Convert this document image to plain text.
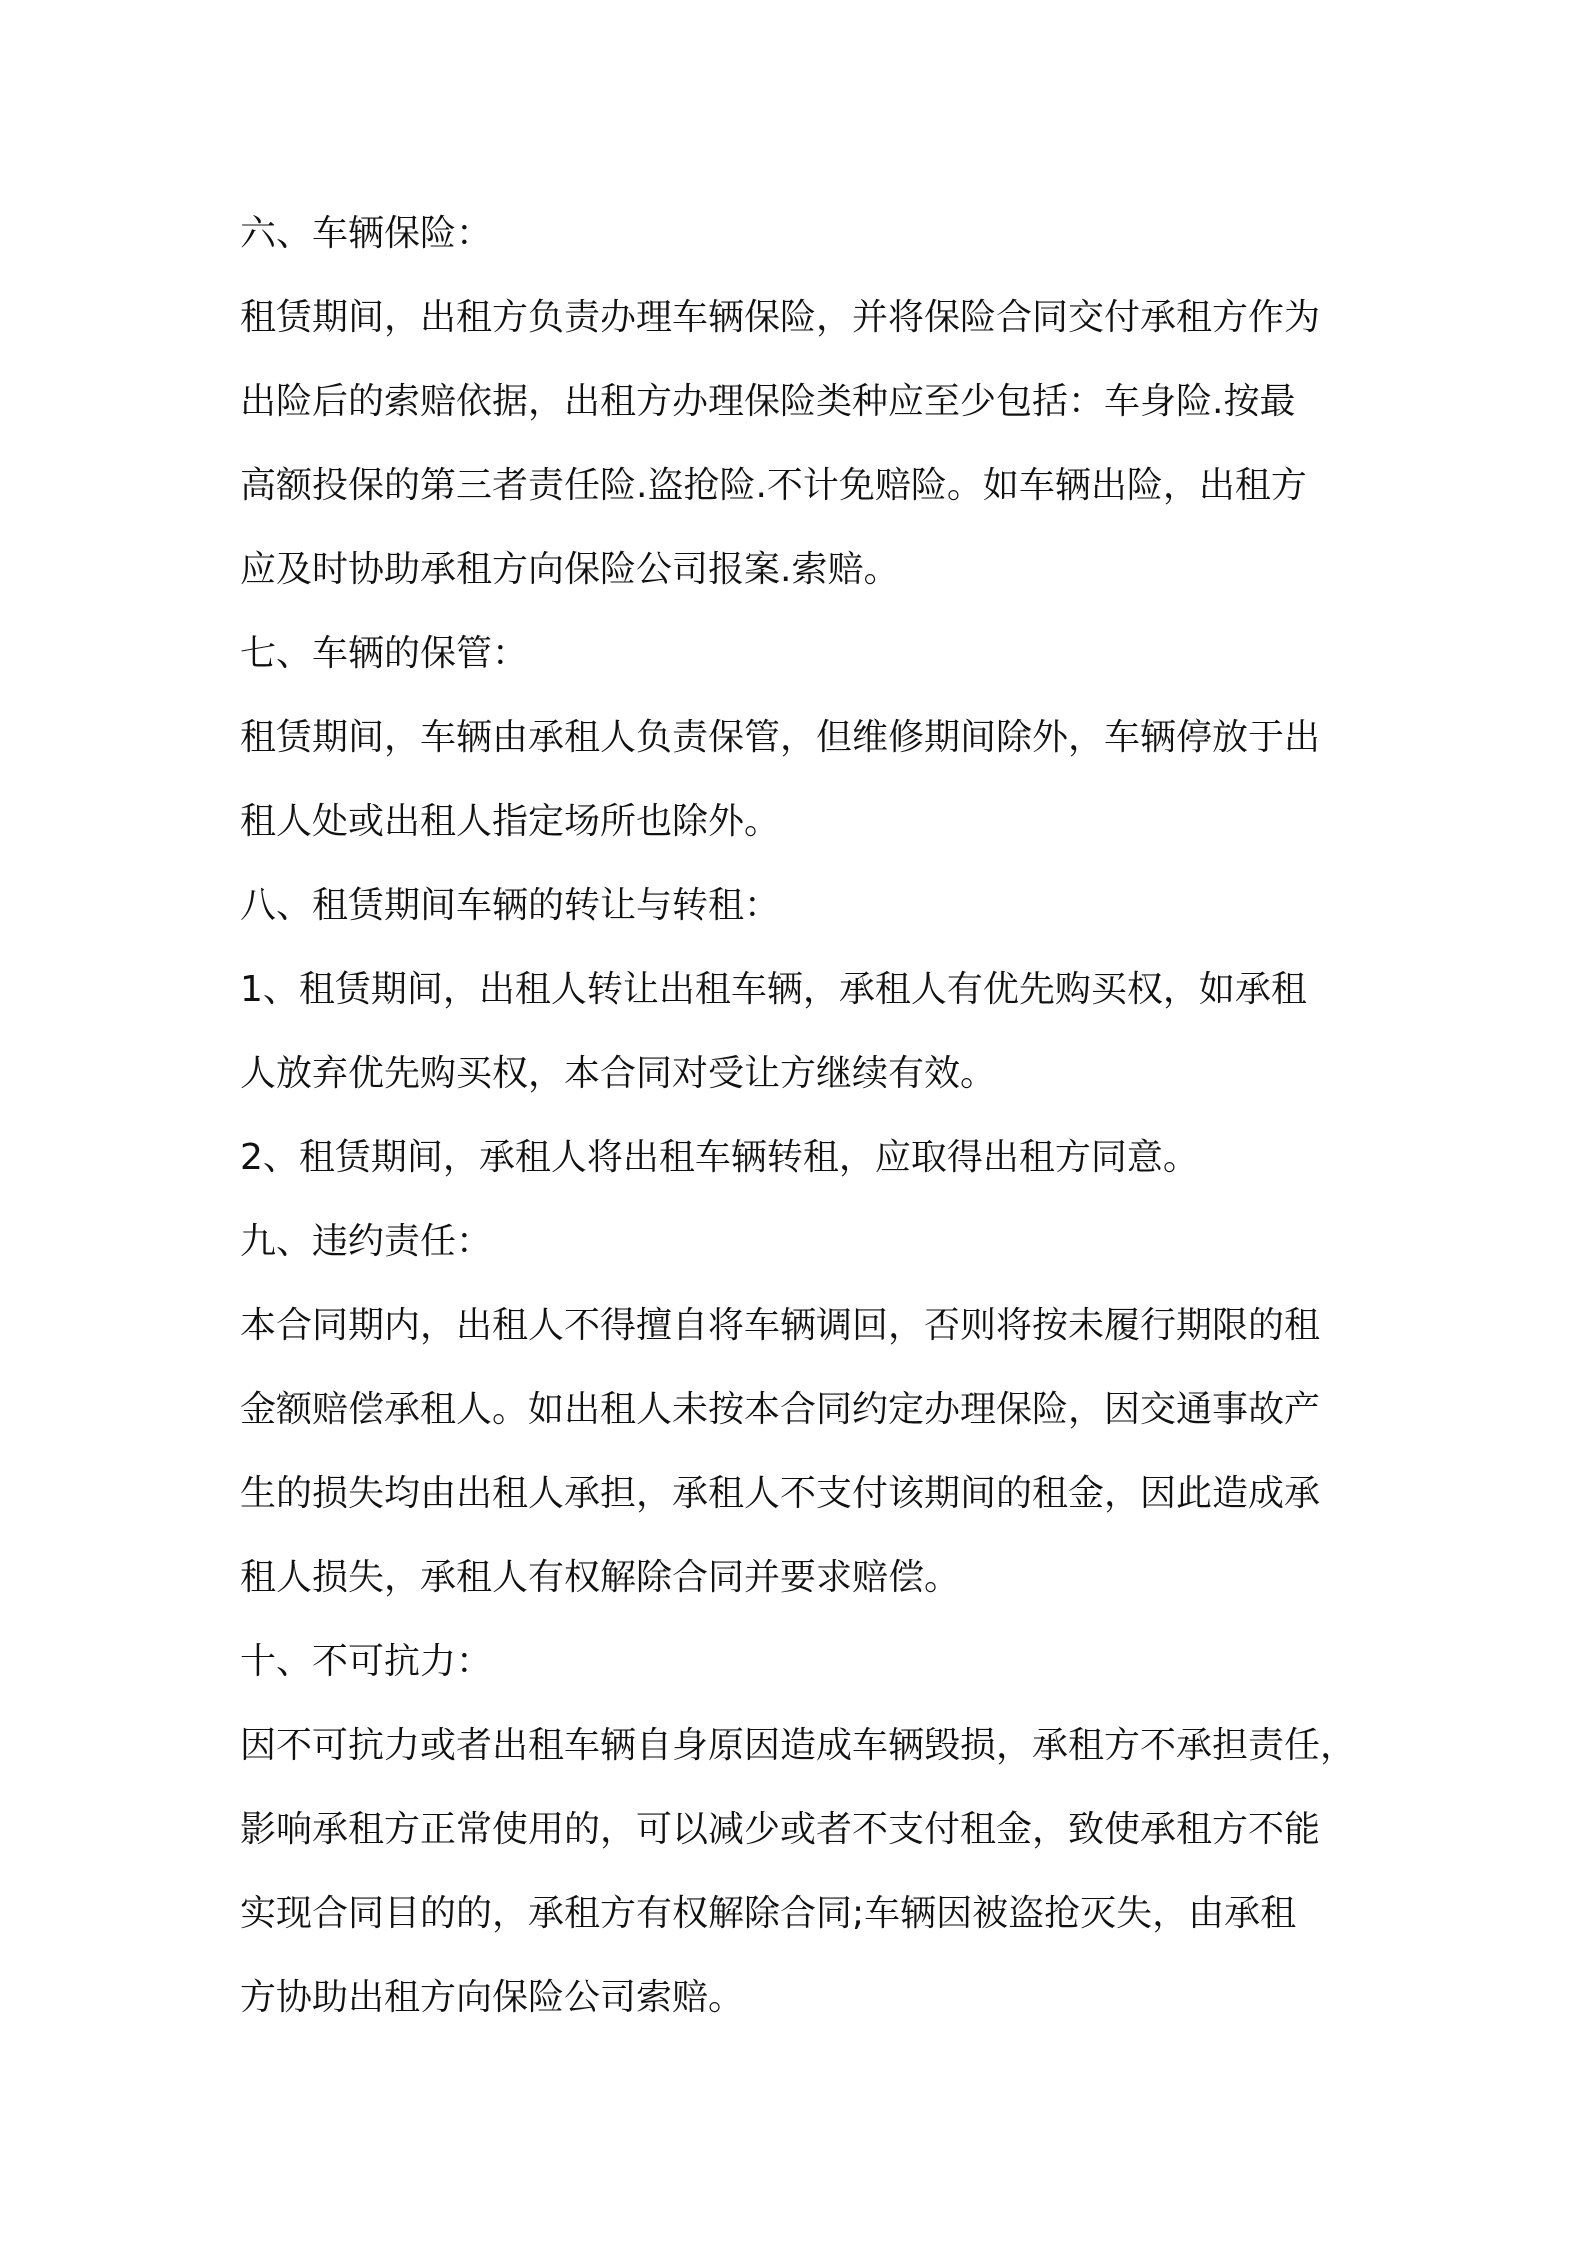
六、车辆保险：

租赁期间，出租方负责办理车辆保险，并将保险合同交付承租方作为

出险后的索赔依据，出租方办理保险类种应至少包括：车身险.按最

高额投保的第三者责任险.盗抢险.不计免赔险。如车辆出险，出租方

应及时协助承租方向保险公司报案.索赔。

七、车辆的保管：

租赁期间，车辆由承租人负责保管，但维修期间除外，车辆停放于出

租人处或出租人指定场所也除外。

八、租赁期间车辆的转让与转租：

1、租赁期间，出租人转让出租车辆，承租人有优先购买权，如承租

人放弃优先购买权，本合同对受让方继续有效。

2、租赁期间，承租人将出租车辆转租，应取得出租方同意。

九、违约责任：

本合同期内，出租人不得擅自将车辆调回，否则将按未履行期限的租

金额赔偿承租人。如出租人未按本合同约定办理保险，因交通事故产

生的损失均由出租人承担，承租人不支付该期间的租金，因此造成承

租人损失，承租人有权解除合同并要求赔偿。

十、不可抗力：

因不可抗力或者出租车辆自身原因造成车辆毁损，承租方不承担责任，

影响承租方正常使用的，可以减少或者不支付租金，致使承租方不能

实现合同目的的，承租方有权解除合同;车辆因被盗抢灭失，由承租

方协助出租方向保险公司索赔。
